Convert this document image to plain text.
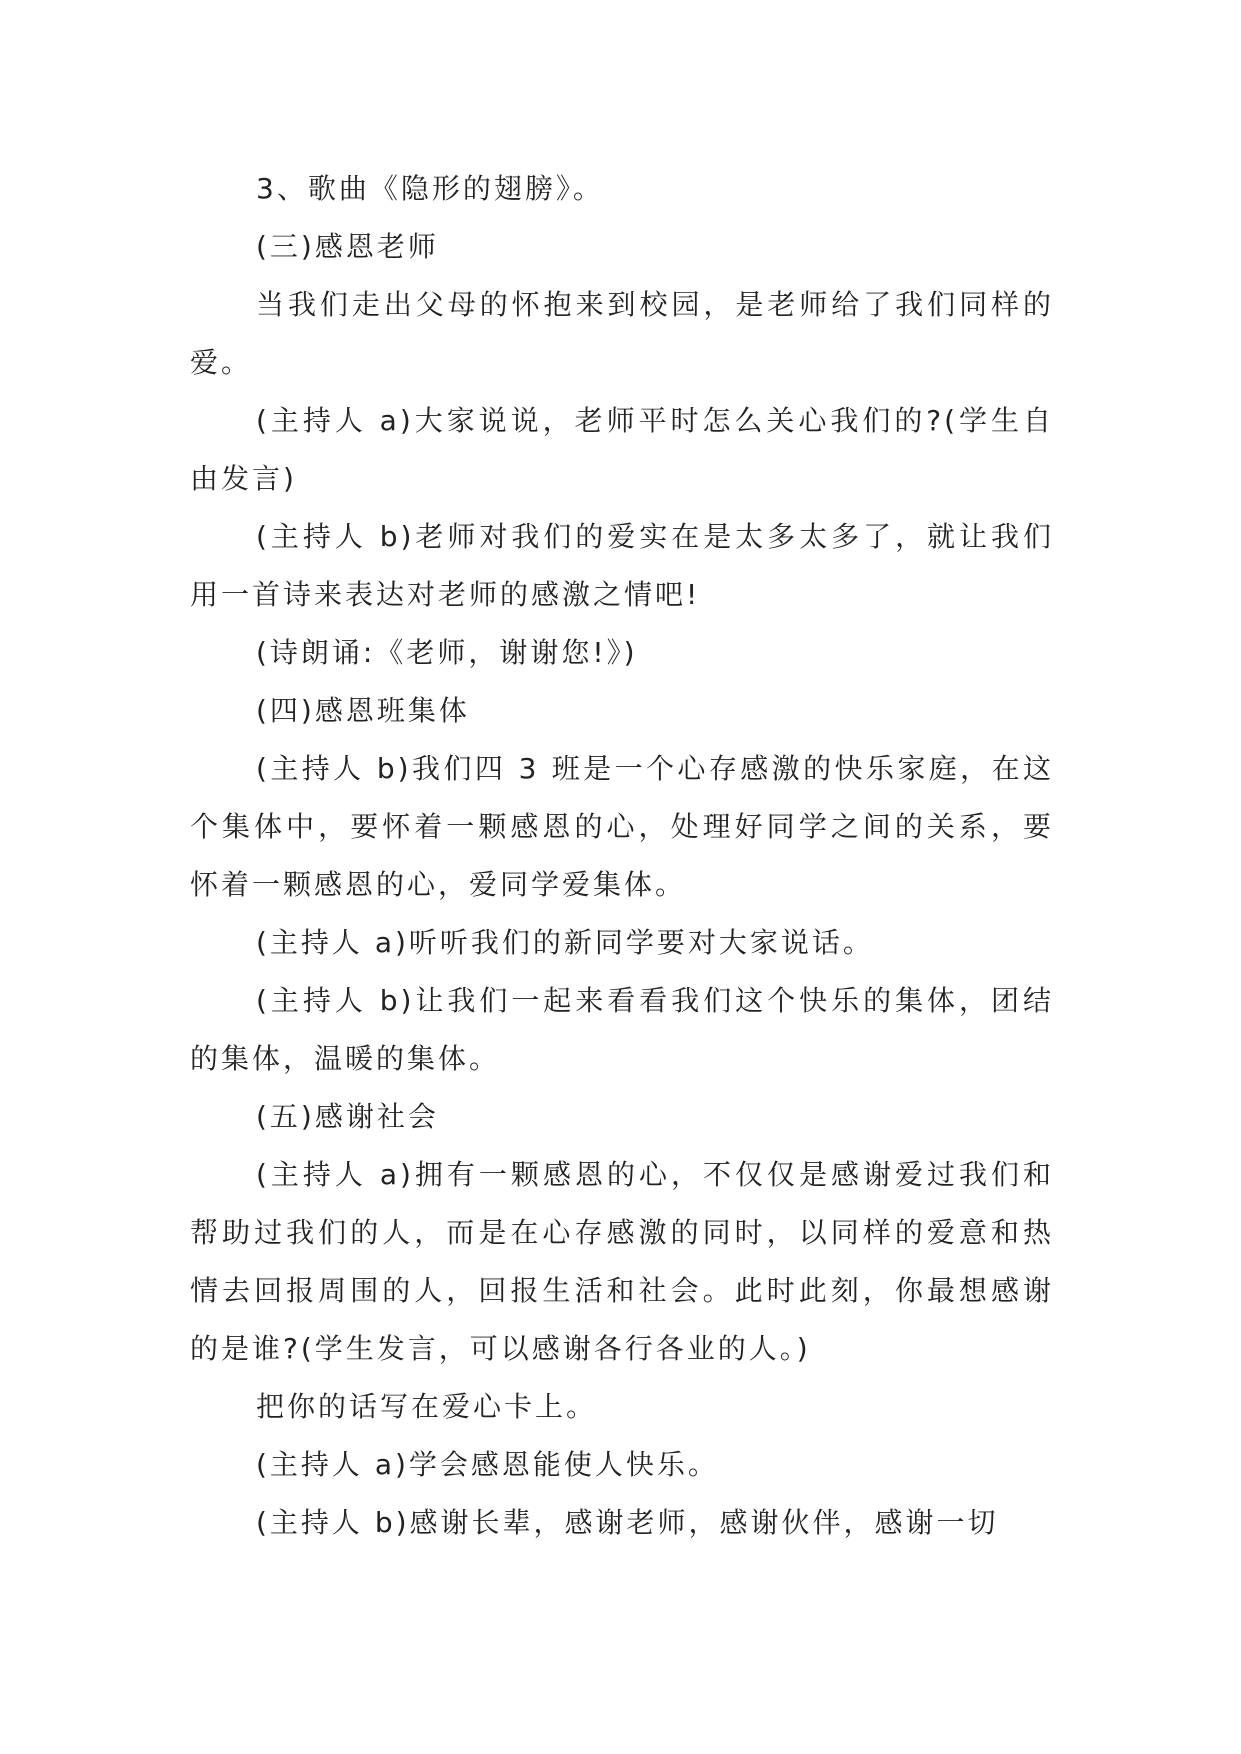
3、歌曲《隐形的翅膀》。

(三)感恩老师

当我们走出父母的怀抱来到校园，是老师给了我们同样的爱。

(主持人 a)大家说说，老师平时怎么关心我们的?(学生自由发言)

(主持人 b)老师对我们的爱实在是太多太多了，就让我们用一首诗来表达对老师的感激之情吧!

(诗朗诵:《老师，谢谢您!》)

(四)感恩班集体

(主持人 b)我们四 3 班是一个心存感激的快乐家庭，在这个集体中，要怀着一颗感恩的心，处理好同学之间的关系，要怀着一颗感恩的心，爱同学爱集体。

(主持人 a)听听我们的新同学要对大家说话。

(主持人 b)让我们一起来看看我们这个快乐的集体，团结的集体，温暖的集体。

(五)感谢社会

(主持人 a)拥有一颗感恩的心，不仅仅是感谢爱过我们和帮助过我们的人，而是在心存感激的同时，以同样的爱意和热情去回报周围的人，回报生活和社会。此时此刻，你最想感谢的是谁?(学生发言，可以感谢各行各业的人。)

把你的话写在爱心卡上。

(主持人 a)学会感恩能使人快乐。

(主持人 b)感谢长辈，感谢老师，感谢伙伴，感谢一切
